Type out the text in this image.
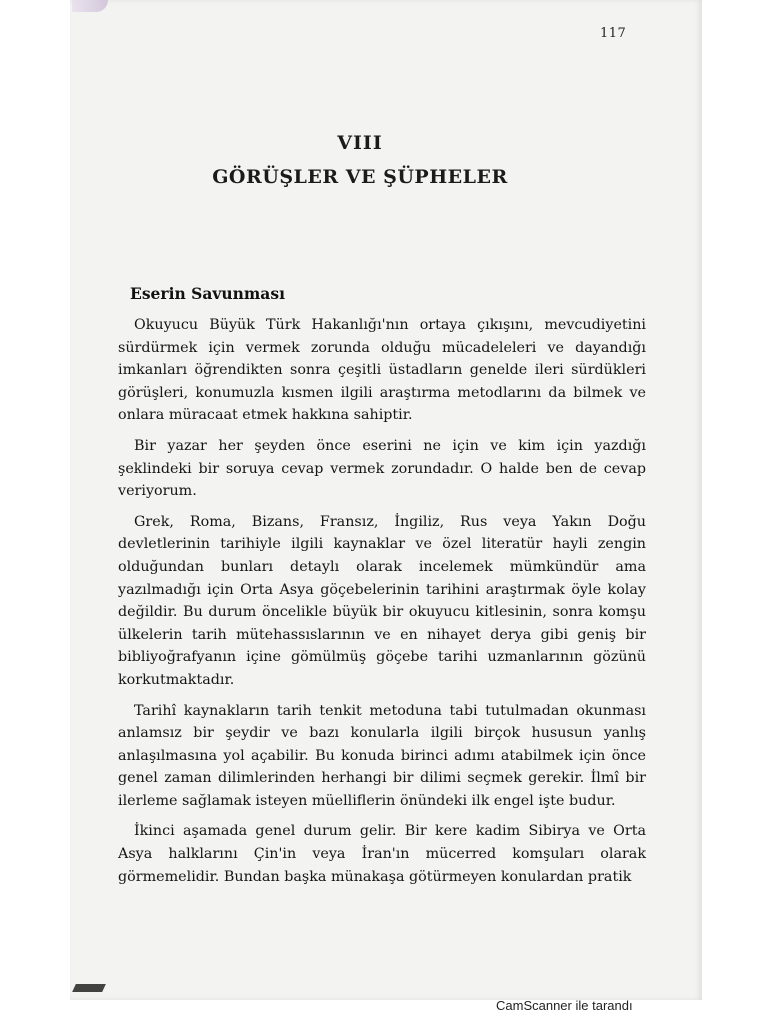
117
VIII
GÖRÜŞLER VE ŞÜPHELER
Eserin Savunması

Okuyucu Büyük Türk Hakanlığı'nın ortaya çıkışını, mevcudiyetini sürdürmek için vermek zorunda olduğu mücadeleleri ve dayandığı imkanları öğrendikten sonra çeşitli üstadların genelde ileri sürdükleri görüşleri, konumuzla kısmen ilgili araştırma metodlarını da bilmek ve onlara müracaat etmek hakkına sahiptir.

Bir yazar her şeyden önce eserini ne için ve kim için yazdığı şeklindeki bir soruya cevap vermek zorundadır. O halde ben de cevap veriyorum.

Grek, Roma, Bizans, Fransız, İngiliz, Rus veya Yakın Doğu devletlerinin tarihiyle ilgili kaynaklar ve özel literatür hayli zengin olduğundan bunları detaylı olarak incelemek mümkündür ama yazılmadığı için Orta Asya göçebelerinin tarihini araştırmak öyle kolay değildir. Bu durum öncelikle büyük bir okuyucu kitlesinin, sonra komşu ülkelerin tarih mütehassıslarının ve en nihayet derya gibi geniş bir bibliyoğrafyanın içine gömülmüş göçebe tarihi uzmanlarının gözünü korkutmaktadır.

Tarihî kaynakların tarih tenkit metoduna tabi tutulmadan okunması anlamsız bir şeydir ve bazı konularla ilgili birçok hususun yanlış anlaşılmasına yol açabilir. Bu konuda birinci adımı atabilmek için önce genel zaman dilimlerinden herhangi bir dilimi seçmek gerekir. İlmî bir ilerleme sağlamak isteyen müelliflerin önündeki ilk engel işte budur.

İkinci aşamada genel durum gelir. Bir kere kadim Sibirya ve Orta Asya halklarını Çin'in veya İran'ın mücerred komşuları olarak görmemelidir. Bundan başka münakaşa götürmeyen konulardan pratik

CamScanner ile tarandı
